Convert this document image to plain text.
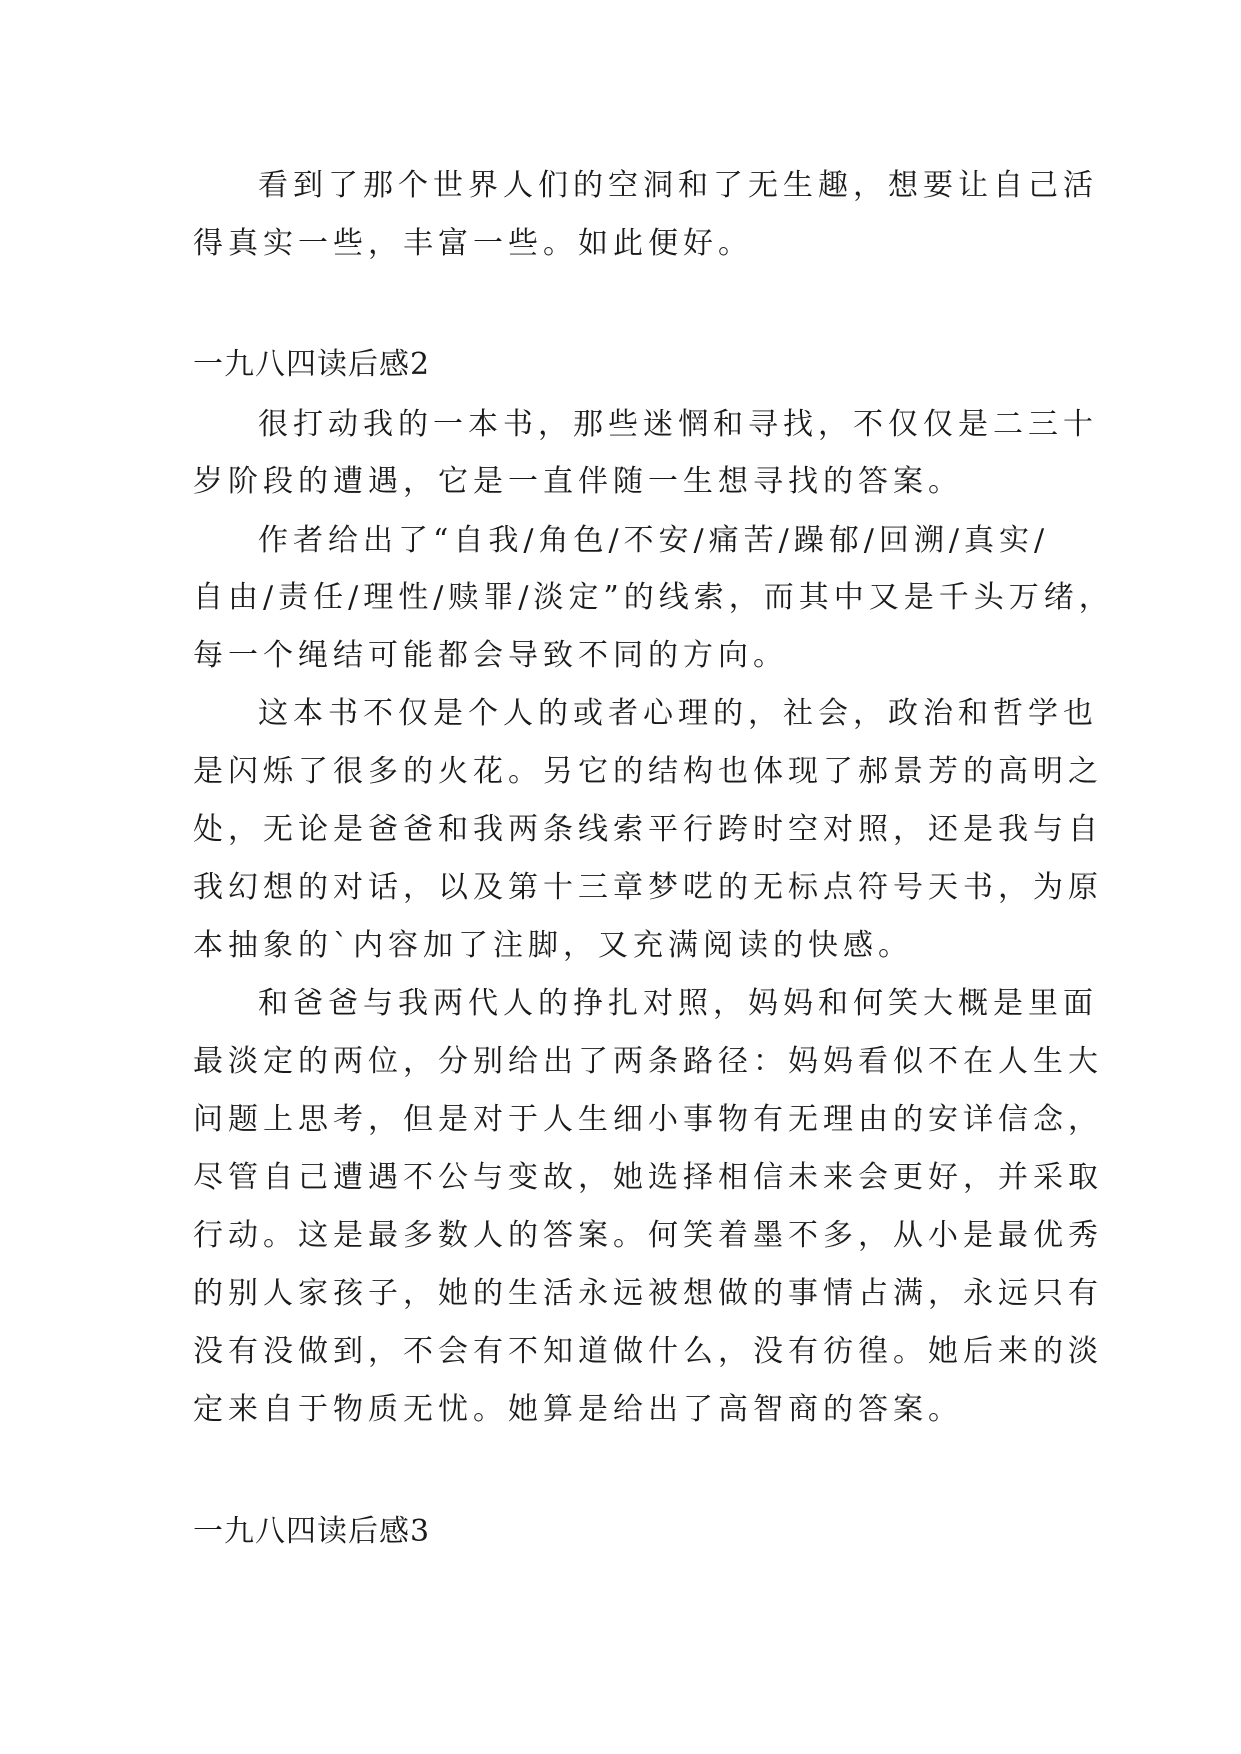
看到了那个世界人们的空洞和了无生趣，想要让自己活

得真实一些，丰富一些。如此便好。

一九八四读后感2

很打动我的一本书，那些迷惘和寻找，不仅仅是二三十

岁阶段的遭遇，它是一直伴随一生想寻找的答案。

作者给出了“自我/角色/不安/痛苦/躁郁/回溯/真实/

自由/责任/理性/赎罪/淡定”的线索，而其中又是千头万绪，

每一个绳结可能都会导致不同的方向。

这本书不仅是个人的或者心理的，社会，政治和哲学也

是闪烁了很多的火花。另它的结构也体现了郝景芳的高明之

处，无论是爸爸和我两条线索平行跨时空对照，还是我与自

我幻想的对话，以及第十三章梦呓的无标点符号天书，为原

本抽象的`内容加了注脚，又充满阅读的快感。

和爸爸与我两代人的挣扎对照，妈妈和何笑大概是里面

最淡定的两位，分别给出了两条路径：妈妈看似不在人生大

问题上思考，但是对于人生细小事物有无理由的安详信念，

尽管自己遭遇不公与变故，她选择相信未来会更好，并采取

行动。这是最多数人的答案。何笑着墨不多，从小是最优秀

的别人家孩子，她的生活永远被想做的事情占满，永远只有

没有没做到，不会有不知道做什么，没有彷徨。她后来的淡

定来自于物质无忧。她算是给出了高智商的答案。

一九八四读后感3
